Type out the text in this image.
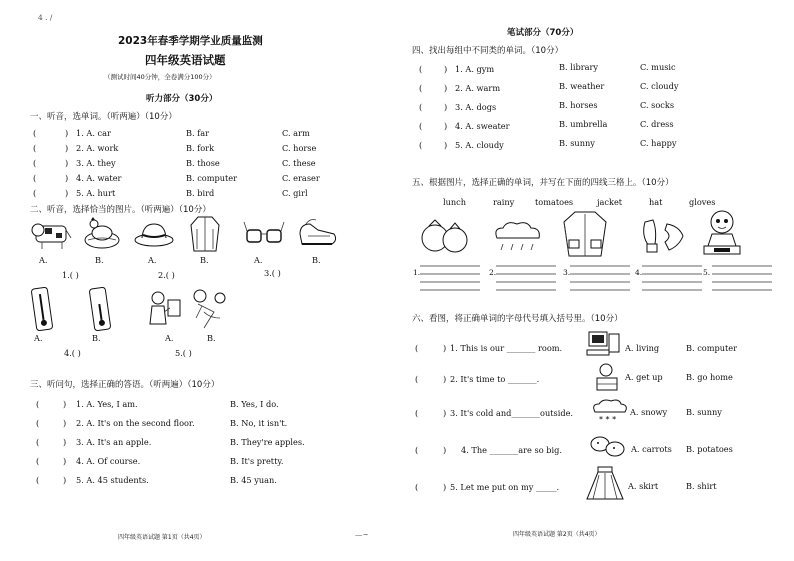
4 . /
2023年春季学期学业质量监测
四年级英语试题
（测试时间40分钟，全卷满分100分）
听力部分（30分）
一、听音，选单词。（听两遍）（10分）
(	) 1. A. car	B. far	C. arm
(	) 2. A. work	B. fork	C. horse
(	) 3. A. they	B. those	C. these
(	) 4. A. water	B. computer	C. eraser
(	) 5. A. hurt	B. bird	C. girl
二、听音，选择恰当的图片。（听两遍）（10分）
A.	B.	A.	B.	A.	B.
1.( )	2.( )	3.( )
A.	B.	A.	B.
4.( )	5.( )
三、听问句，选择正确的答语。（听两遍）（10分）
(	) 1. A. Yes, I am.	B. Yes, I do.
(	) 2. A. It's on the second floor.	B. No, it isn't.
(	) 3. A. It's an apple.	B. They're apples.
(	) 4. A. Of course.	B. It's pretty.
(	) 5. A. 45 students.	B. 45 yuan.
四年级英语试题 第1页（共4页）	—~
笔试部分（70分）
四、找出每组中不同类的单词。（10分）
(	) 1. A. gym	B. library	C. music
(	) 2. A. warm	B. weather	C. cloudy
(	) 3. A. dogs	B. horses	C. socks
(	) 4. A. sweater	B. umbrella	C. dress
(	) 5. A. cloudy	B. sunny	C. happy
五、根据图片，选择正确的单词，并写在下面的四线三格上。（10分）
lunch	rainy	tomatoes	jacket	hat	gloves
1.	2.	3.	4.	5.
六、看图，将正确单词的字母代号填入括号里。（10分）
(	) 1. This is our _______ room.	A. living	B. computer
(	) 2. It's time to _______.	A. get up	B. go home
(	) 3. It's cold and_______outside.	A. snowy B. sunny
(	) 4. The _______are so big.	A. carrots B. potatoes
(	) 5. Let me put on my _____.	A. skirt	B. shirt
* * *
四年级英语试题 第2页（共4页）
